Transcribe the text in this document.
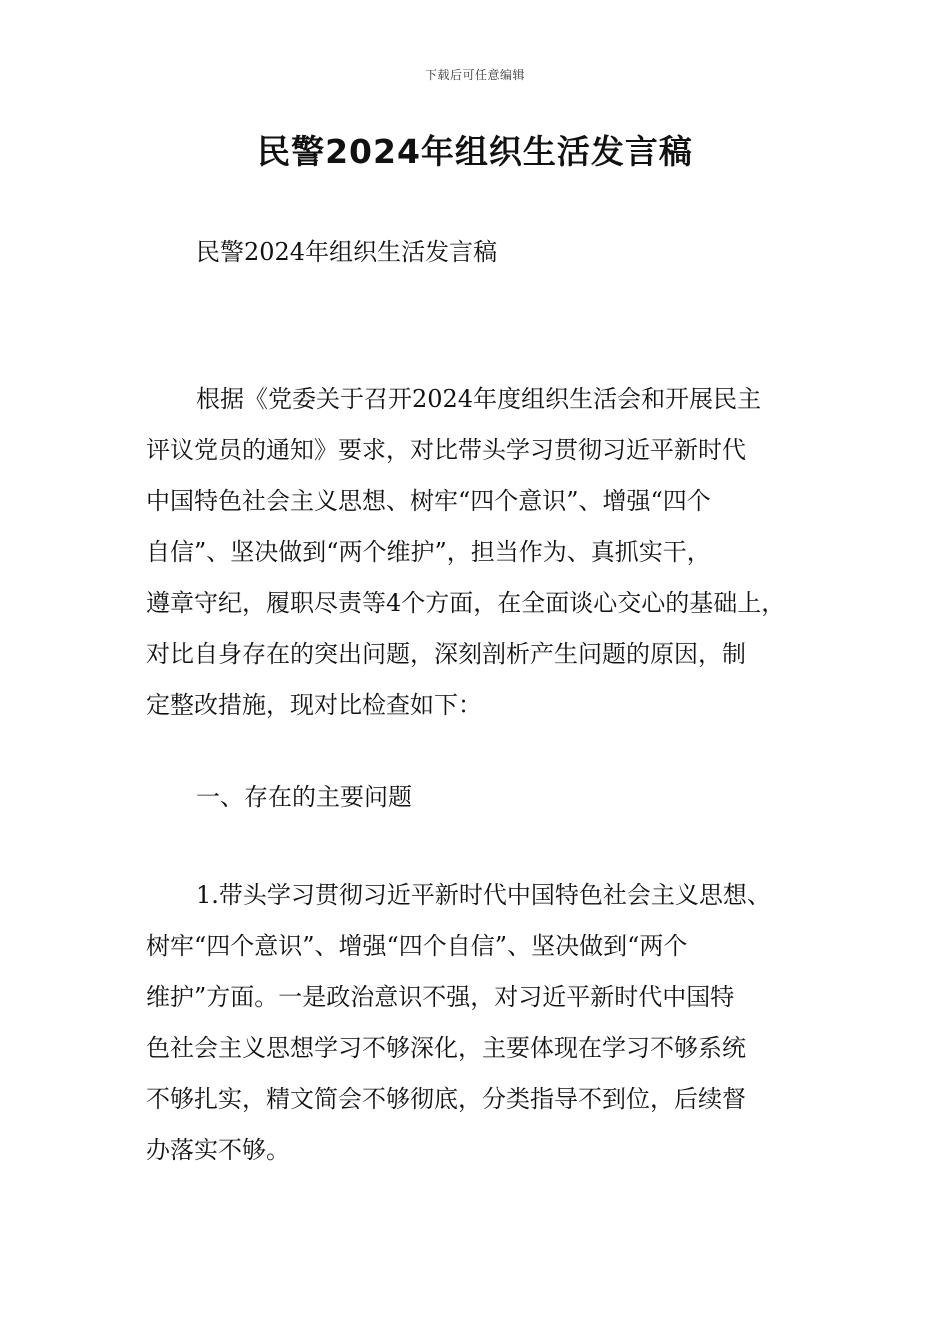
下载后可任意编辑
民警2024年组织生活发言稿
民警2024年组织生活发言稿
根据《党委关于召开2024年度组织生活会和开展民主
评议党员的通知》要求，对比带头学习贯彻习近平新时代
中国特色社会主义思想、树牢“四个意识”、增强“四个
自信”、坚决做到“两个维护”，担当作为、真抓实干，
遵章守纪，履职尽责等4个方面，在全面谈心交心的基础上，
对比自身存在的突出问题，深刻剖析产生问题的原因，制
定整改措施，现对比检查如下：
一、存在的主要问题
1.带头学习贯彻习近平新时代中国特色社会主义思想、
树牢“四个意识”、增强“四个自信”、坚决做到“两个
维护”方面。一是政治意识不强，对习近平新时代中国特
色社会主义思想学习不够深化，主要体现在学习不够系统
不够扎实，精文简会不够彻底，分类指导不到位，后续督
办落实不够。
